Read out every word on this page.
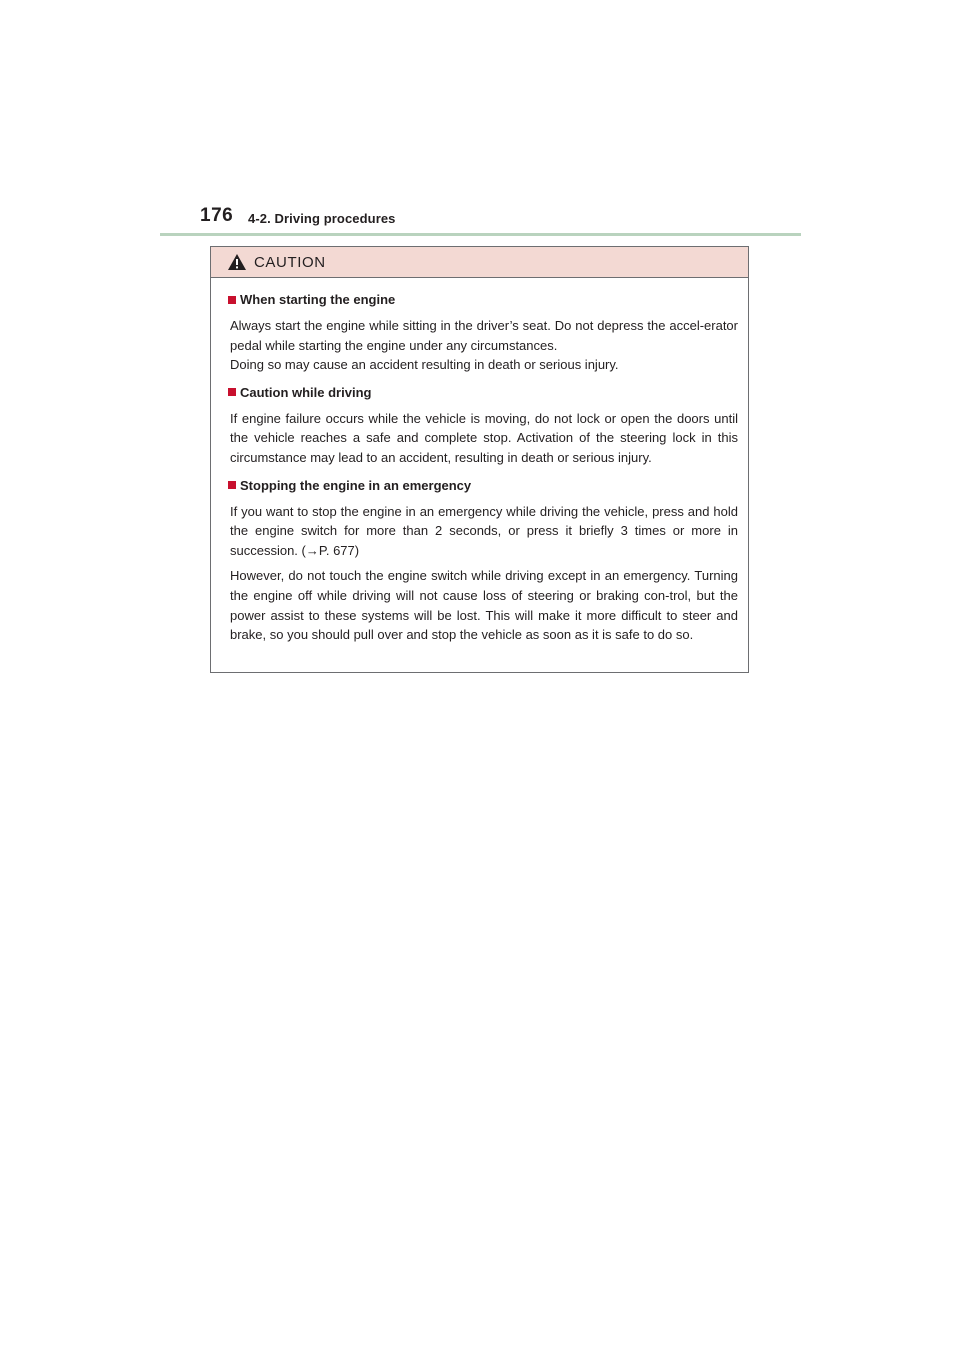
176 4-2. Driving procedures
CAUTION
When starting the engine

Always start the engine while sitting in the driver’s seat. Do not depress the accel-erator pedal while starting the engine under any circumstances.

Doing so may cause an accident resulting in death or serious injury.

Caution while driving

If engine failure occurs while the vehicle is moving, do not lock or open the doors until the vehicle reaches a safe and complete stop. Activation of the steering lock in this circumstance may lead to an accident, resulting in death or serious injury.

Stopping the engine in an emergency

If you want to stop the engine in an emergency while driving the vehicle, press and hold the engine switch for more than 2 seconds, or press it briefly 3 times or more in succession. (→P. 677)

However, do not touch the engine switch while driving except in an emergency. Turning the engine off while driving will not cause loss of steering or braking con-trol, but the power assist to these systems will be lost. This will make it more difficult to steer and brake, so you should pull over and stop the vehicle as soon as it is safe to do so.
